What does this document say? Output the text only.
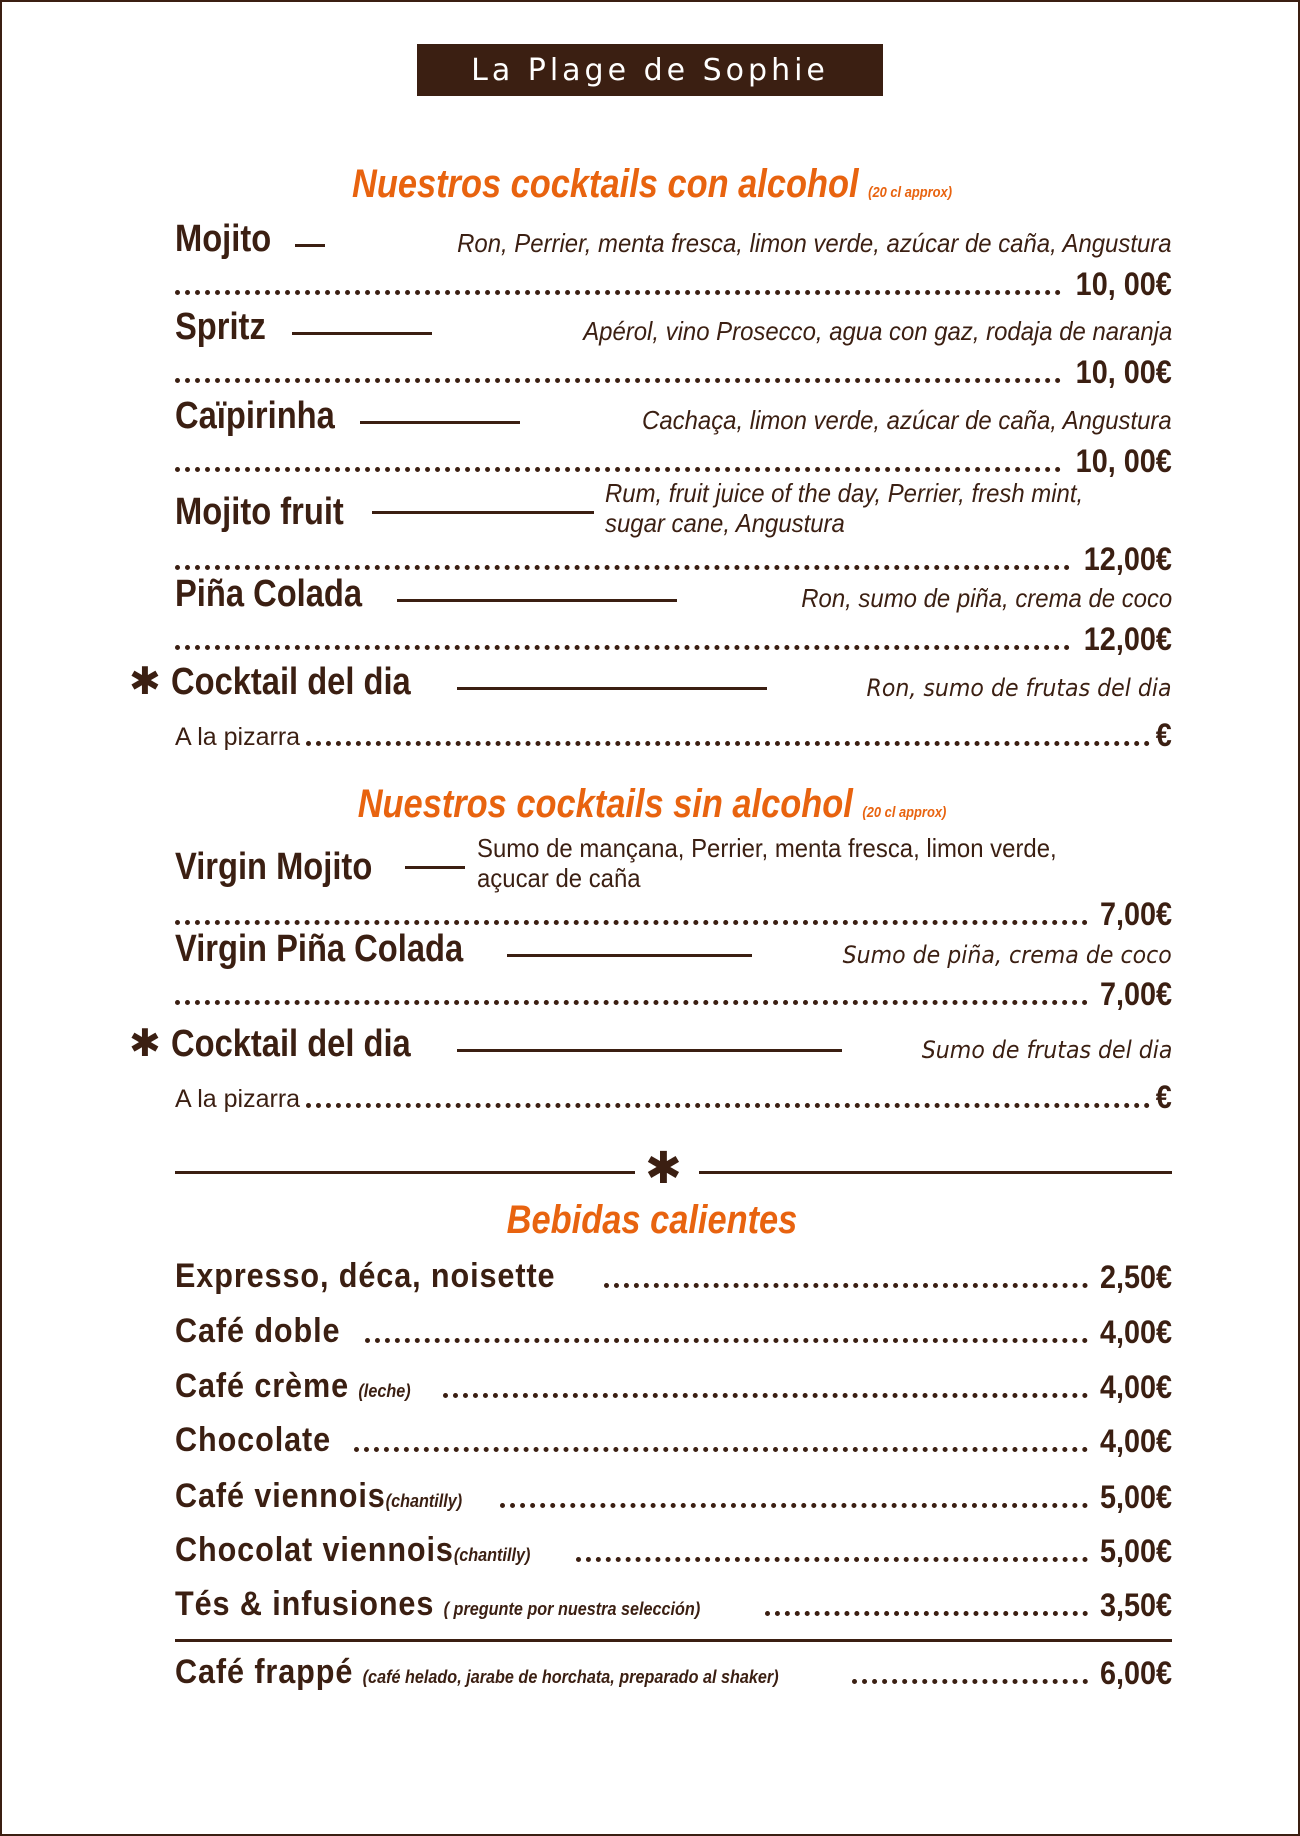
La Plage de Sophie
Nuestros cocktails con alcohol (20 cl approx)
Mojito	Ron, Perrier, menta fresca, limon verde, azúcar de caña, Angustura
10, 00€
Spritz	Apérol, vino Prosecco, agua con gaz, rodaja de naranja
10, 00€
Caïpirinha	Cachaça, limon verde, azúcar de caña, Angustura
10, 00€
Mojito fruit	Rum, fruit juice of the day, Perrier, fresh mint, sugar cane, Angustura
12,00€
Piña Colada	Ron, sumo de piña, crema de coco
12,00€
✱ Cocktail del dia	Ron, sumo de frutas del dia
A la pizarra	€
Nuestros cocktails sin alcohol (20 cl approx)
Virgin Mojito	Sumo de mançana, Perrier, menta fresca, limon verde, açucar de caña
7,00€
Virgin Piña Colada	Sumo de piña, crema de coco
7,00€
✱ Cocktail del dia	Sumo de frutas del dia
A la pizarra	€
✱
Bebidas calientes
Expresso, déca, noisette	2,50€
Café doble	4,00€
Café crème (leche)	4,00€
Chocolate	4,00€
Café viennois(chantilly)	5,00€
Chocolat viennois(chantilly)	5,00€
Tés & infusiones ( pregunte por nuestra selección)	3,50€
Café frappé (café helado, jarabe de horchata, preparado al shaker)	6,00€
